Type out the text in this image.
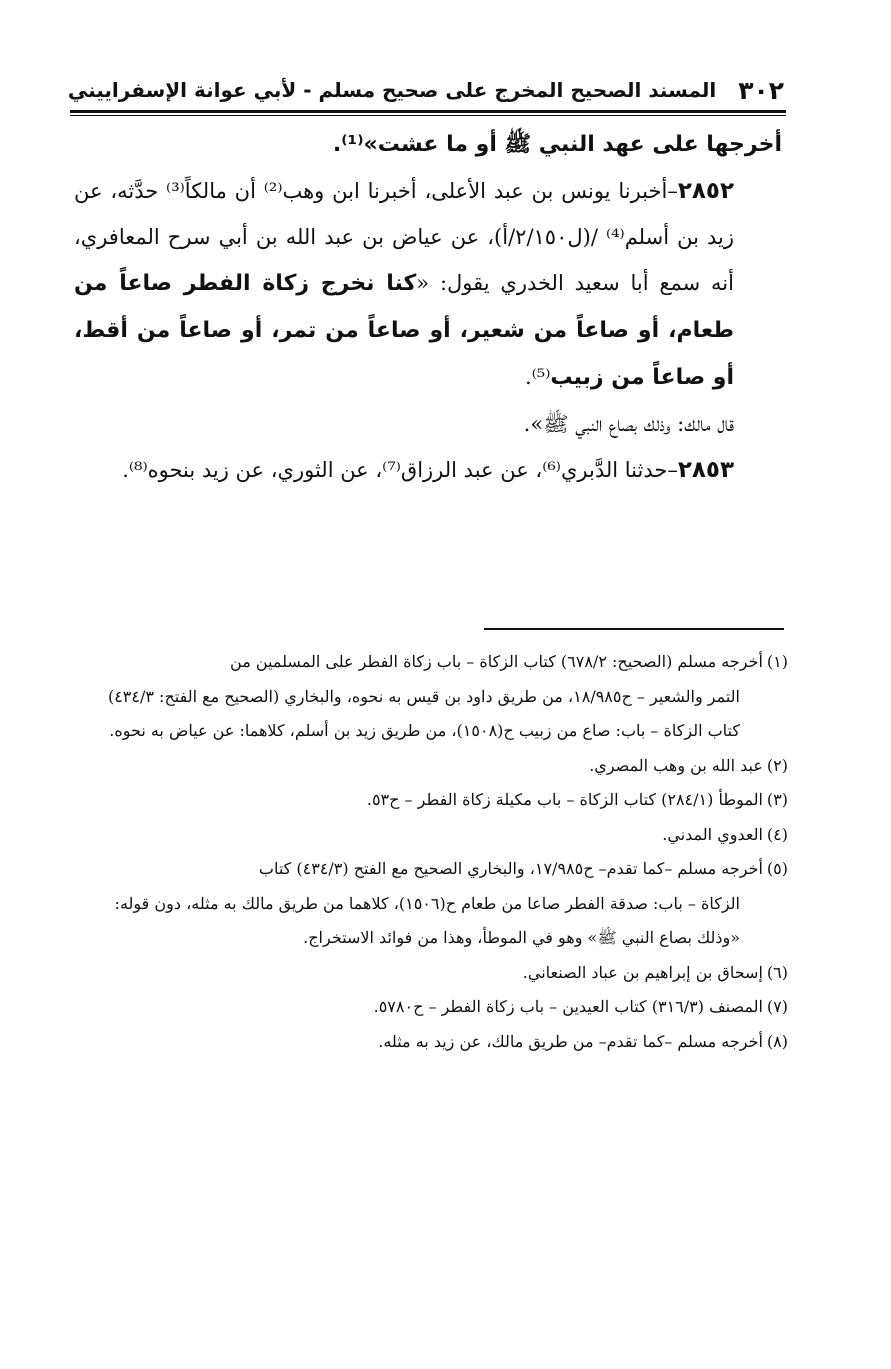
٣٠٢
المسند الصحيح المخرج على صحيح مسلم - لأبي عوانة الإسفراييني

أخرجها على عهد النبي ﷺ أو ما عشت»⁽¹⁾.

٢٨٥٢–أخبرنا يونس بن عبد الأعلى، أخبرنا ابن وهب⁽²⁾ أن مالكاً⁽³⁾ حدَّثه، عن زيد بن أسلم⁽⁴⁾ /(ل٢/١٥٠/أ)، عن عياض بن عبد الله بن أبي سرح المعافري، أنه سمع أبا سعيد الخدري يقول: «كنا نخرج زكاة الفطر صاعاً من طعام، أو صاعاً من شعير، أو صاعاً من تمر، أو صاعاً من أقط، أو صاعاً من زبيب⁽⁵⁾.

قال مالك: وذلك بصاع النبي ﷺ».

٢٨٥٣–حدثنا الدَّبري⁽⁶⁾، عن عبد الرزاق⁽⁷⁾، عن الثوري، عن زيد بنحوه⁽⁸⁾.

(١)أخرجه مسلم (الصحيح: ٦٧٨/٢) كتاب الزكاة – باب زكاة الفطر على المسلمين من
التمر والشعير – ح١٨/٩٨٥، من طريق داود بن قيس به نحوه، والبخاري (الصحيح مع الفتح: ٤٣٤/٣) كتاب الزكاة – باب: صاع من زبيب ح(١٥٠٨)، من طريق زيد بن أسلم، كلاهما: عن عياض به نحوه.

(٢)عبد الله بن وهب المصري.

(٣)الموطأ (٢٨٤/١) كتاب الزكاة – باب مكيلة زكاة الفطر – ح٥٣.

(٤)العدوي المدني.

(٥)أخرجه مسلم –كما تقدم– ح١٧/٩٨٥، والبخاري الصحيح مع الفتح (٤٣٤/٣) كتاب
الزكاة – باب: صدقة الفطر صاعا من طعام ح(١٥٠٦)، كلاهما من طريق مالك به مثله، دون قوله: «وذلك بصاع النبي ﷺ» وهو في الموطأ، وهذا من فوائد الاستخراج.

(٦)إسحاق بن إبراهيم بن عباد الصنعاني.

(٧)المصنف (٣١٦/٣) كتاب العيدين – باب زكاة الفطر – ح٥٧٨٠.

(٨)أخرجه مسلم –كما تقدم– من طريق مالك، عن زيد به مثله.
